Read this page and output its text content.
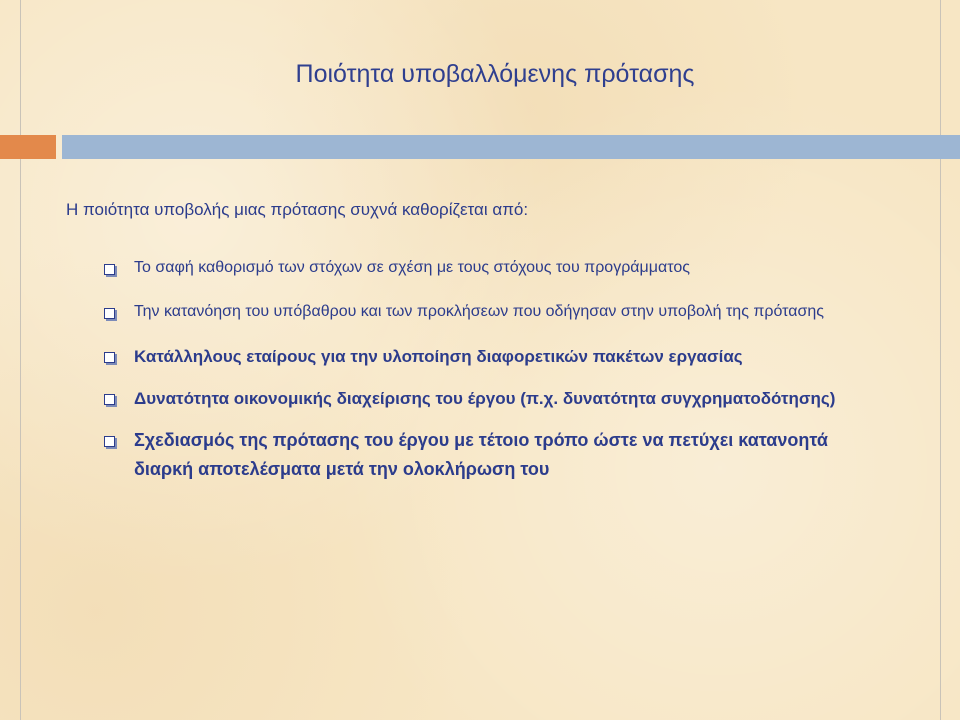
Ποιότητα υποβαλλόμενης πρότασης

Η ποιότητα υποβολής μιας πρότασης συχνά καθορίζεται από:

Το σαφή καθορισμό των στόχων σε σχέση με τους στόχους του προγράμματος
Την κατανόηση του υπόβαθρου και των προκλήσεων που οδήγησαν στην υποβολή της πρότασης
Κατάλληλους εταίρους για την υλοποίηση διαφορετικών πακέτων εργασίας
Δυνατότητα οικονομικής διαχείρισης του έργου (π.χ. δυνατότητα συγχρηματοδότησης)
Σχεδιασμός της πρότασης του έργου με τέτοιο τρόπο ώστε να πετύχει κατανοητά διαρκή αποτελέσματα μετά την ολοκλήρωση του
